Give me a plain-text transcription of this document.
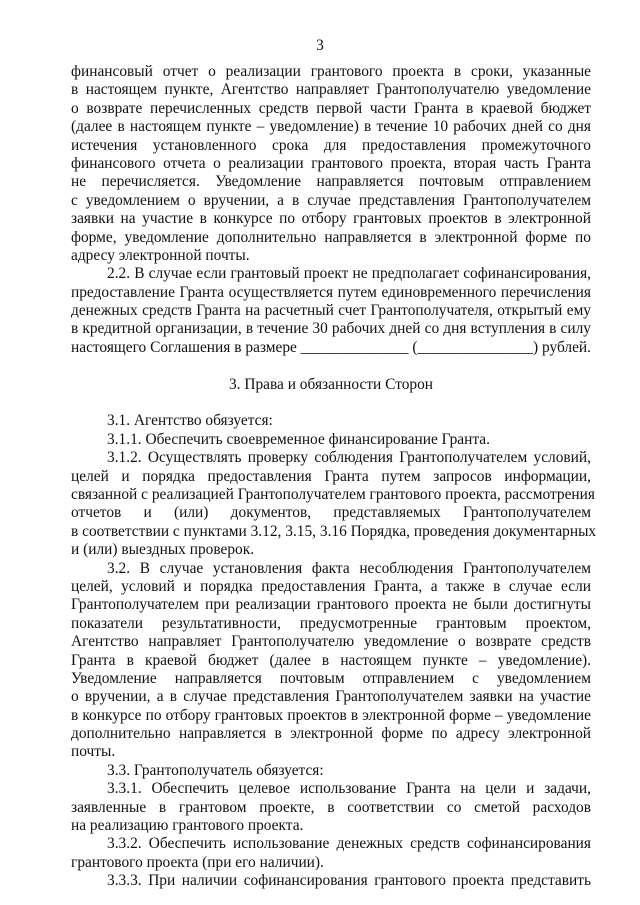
3
финансовый отчет о реализации грантового проекта в сроки, указанные
в настоящем пункте, Агентство направляет Грантополучателю уведомление
о возврате перечисленных средств первой части Гранта в краевой бюджет
(далее в настоящем пункте – уведомление) в течение 10 рабочих дней со дня
истечения установленного срока для предоставления промежуточного
финансового отчета о реализации грантового проекта, вторая часть Гранта
не перечисляется. Уведомление направляется почтовым отправлением
с уведомлением о вручении, а в случае представления Грантополучателем
заявки на участие в конкурсе по отбору грантовых проектов в электронной
форме, уведомление дополнительно направляется в электронной форме по
адресу электронной почты.
2.2. В случае если грантовый проект не предполагает софинансирования,
предоставление Гранта осуществляется путем единовременного перечисления
денежных средств Гранта на расчетный счет Грантополучателя, открытый ему
в кредитной организации, в течение 30 рабочих дней со дня вступления в силу
настоящего Соглашения в размере ______________ (_______________) рублей.
3. Права и обязанности Сторон
3.1. Агентство обязуется:
3.1.1. Обеспечить своевременное финансирование Гранта.
3.1.2. Осуществлять проверку соблюдения Грантополучателем условий,
целей и порядка предоставления Гранта путем запросов информации,
связанной с реализацией Грантополучателем грантового проекта, рассмотрения
отчетов и (или) документов, представляемых Грантополучателем
в соответствии с пунктами 3.12, 3.15, 3.16 Порядка, проведения документарных
и (или) выездных проверок.
3.2. В случае установления факта несоблюдения Грантополучателем
целей, условий и порядка предоставления Гранта, а также в случае если
Грантополучателем при реализации грантового проекта не были достигнуты
показатели результативности, предусмотренные грантовым проектом,
Агентство направляет Грантополучателю уведомление о возврате средств
Гранта в краевой бюджет (далее в настоящем пункте – уведомление).
Уведомление направляется почтовым отправлением с уведомлением
о вручении, а в случае представления Грантополучателем заявки на участие
в конкурсе по отбору грантовых проектов в электронной форме – уведомление
дополнительно направляется в электронной форме по адресу электронной
почты.
3.3. Грантополучатель обязуется:
3.3.1. Обеспечить целевое использование Гранта на цели и задачи,
заявленные в грантовом проекте, в соответствии со сметой расходов
на реализацию грантового проекта.
3.3.2. Обеспечить использование денежных средств софинансирования
грантового проекта (при его наличии).
3.3.3. При наличии софинансирования грантового проекта представить
